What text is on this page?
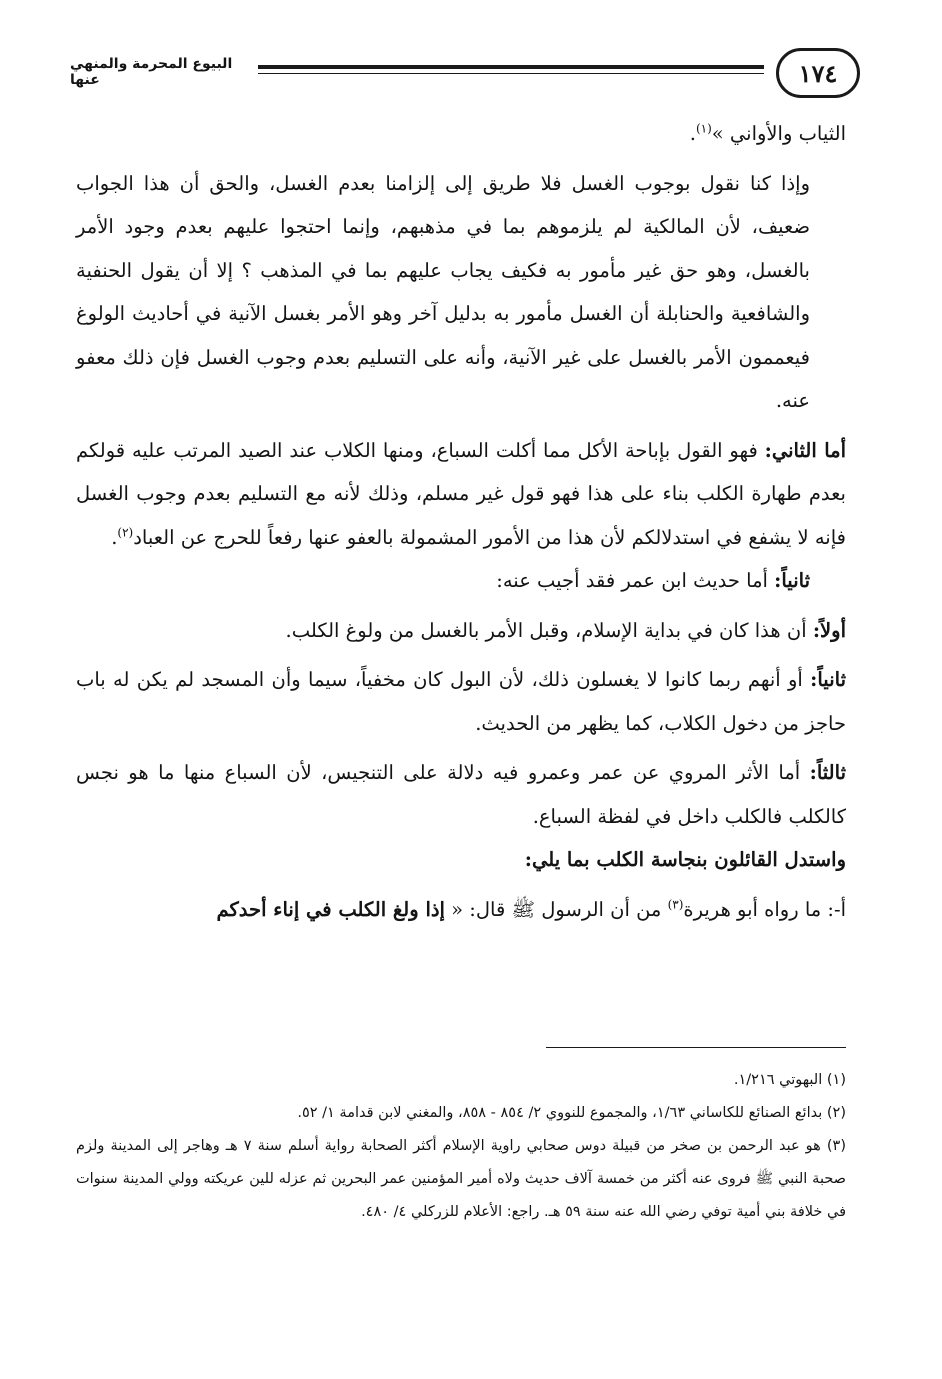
١٧٤
البيوع المحرمة والمنهي عنها

الثياب والأواني »$^{(١)}$.

وإذا كنا نقول بوجوب الغسل فلا طريق إلى إلزامنا بعدم الغسل، والحق أن هذا الجواب ضعيف، لأن المالكية لم يلزموهم بما في مذهبهم، وإنما احتجوا عليهم بعدم وجود الأمر بالغسل، وهو حق غير مأمور به فكيف يجاب عليهم بما في المذهب ؟ إلا أن يقول الحنفية والشافعية والحنابلة أن الغسل مأمور به بدليل آخر وهو الأمر بغسل الآنية في أحاديث الولوغ فيعممون الأمر بالغسل على غير الآنية، وأنه على التسليم بعدم وجوب الغسل فإن ذلك معفو عنه.

أما الثاني: فهو القول بإباحة الأكل مما أكلت السباع، ومنها الكلاب عند الصيد المرتب عليه قولكم بعدم طهارة الكلب بناء على هذا فهو قول غير مسلم، وذلك لأنه مع التسليم بعدم وجوب الغسل فإنه لا يشفع في استدلالكم لأن هذا من الأمور المشمولة بالعفو عنها رفعاً للحرج عن العباد$^{(٢)}$.

ثانياً: أما حديث ابن عمر فقد أجيب عنه:

أولاً: أن هذا كان في بداية الإسلام، وقبل الأمر بالغسل من ولوغ الكلب.

ثانياً: أو أنهم ربما كانوا لا يغسلون ذلك، لأن البول كان مخفياً، سيما وأن المسجد لم يكن له باب حاجز من دخول الكلاب، كما يظهر من الحديث.

ثالثاً: أما الأثر المروي عن عمر وعمرو فيه دلالة على التنجيس، لأن السباع منها ما هو نجس كالكلب فالكلب داخل في لفظة السباع.

واستدل القائلون بنجاسة الكلب بما يلي:

أ-: ما رواه أبو هريرة$^{(٣)}$ من أن الرسول ﷺ قال: « إذا ولغ الكلب في إناء أحدكم

(١) البهوتي ١/٢١٦.

(٢) بدائع الصنائع للكاساني ١/٦٣، والمجموع للنووي ٢/ ٨٥٤ - ٨٥٨، والمغني لابن قدامة ١/ ٥٢.

(٣) هو عبد الرحمن بن صخر من قبيلة دوس صحابي راوية الإسلام أكثر الصحابة رواية أسلم سنة ٧ هـ وهاجر إلى المدينة ولزم صحبة النبي ﷺ فروى عنه أكثر من خمسة آلاف حديث ولاه أمير المؤمنين عمر البحرين ثم عزله للين عريكته وولي المدينة سنوات في خلافة بني أمية توفي رضي الله عنه سنة ٥٩ هـ. راجع: الأعلام للزركلي ٤/ ٤٨٠.
